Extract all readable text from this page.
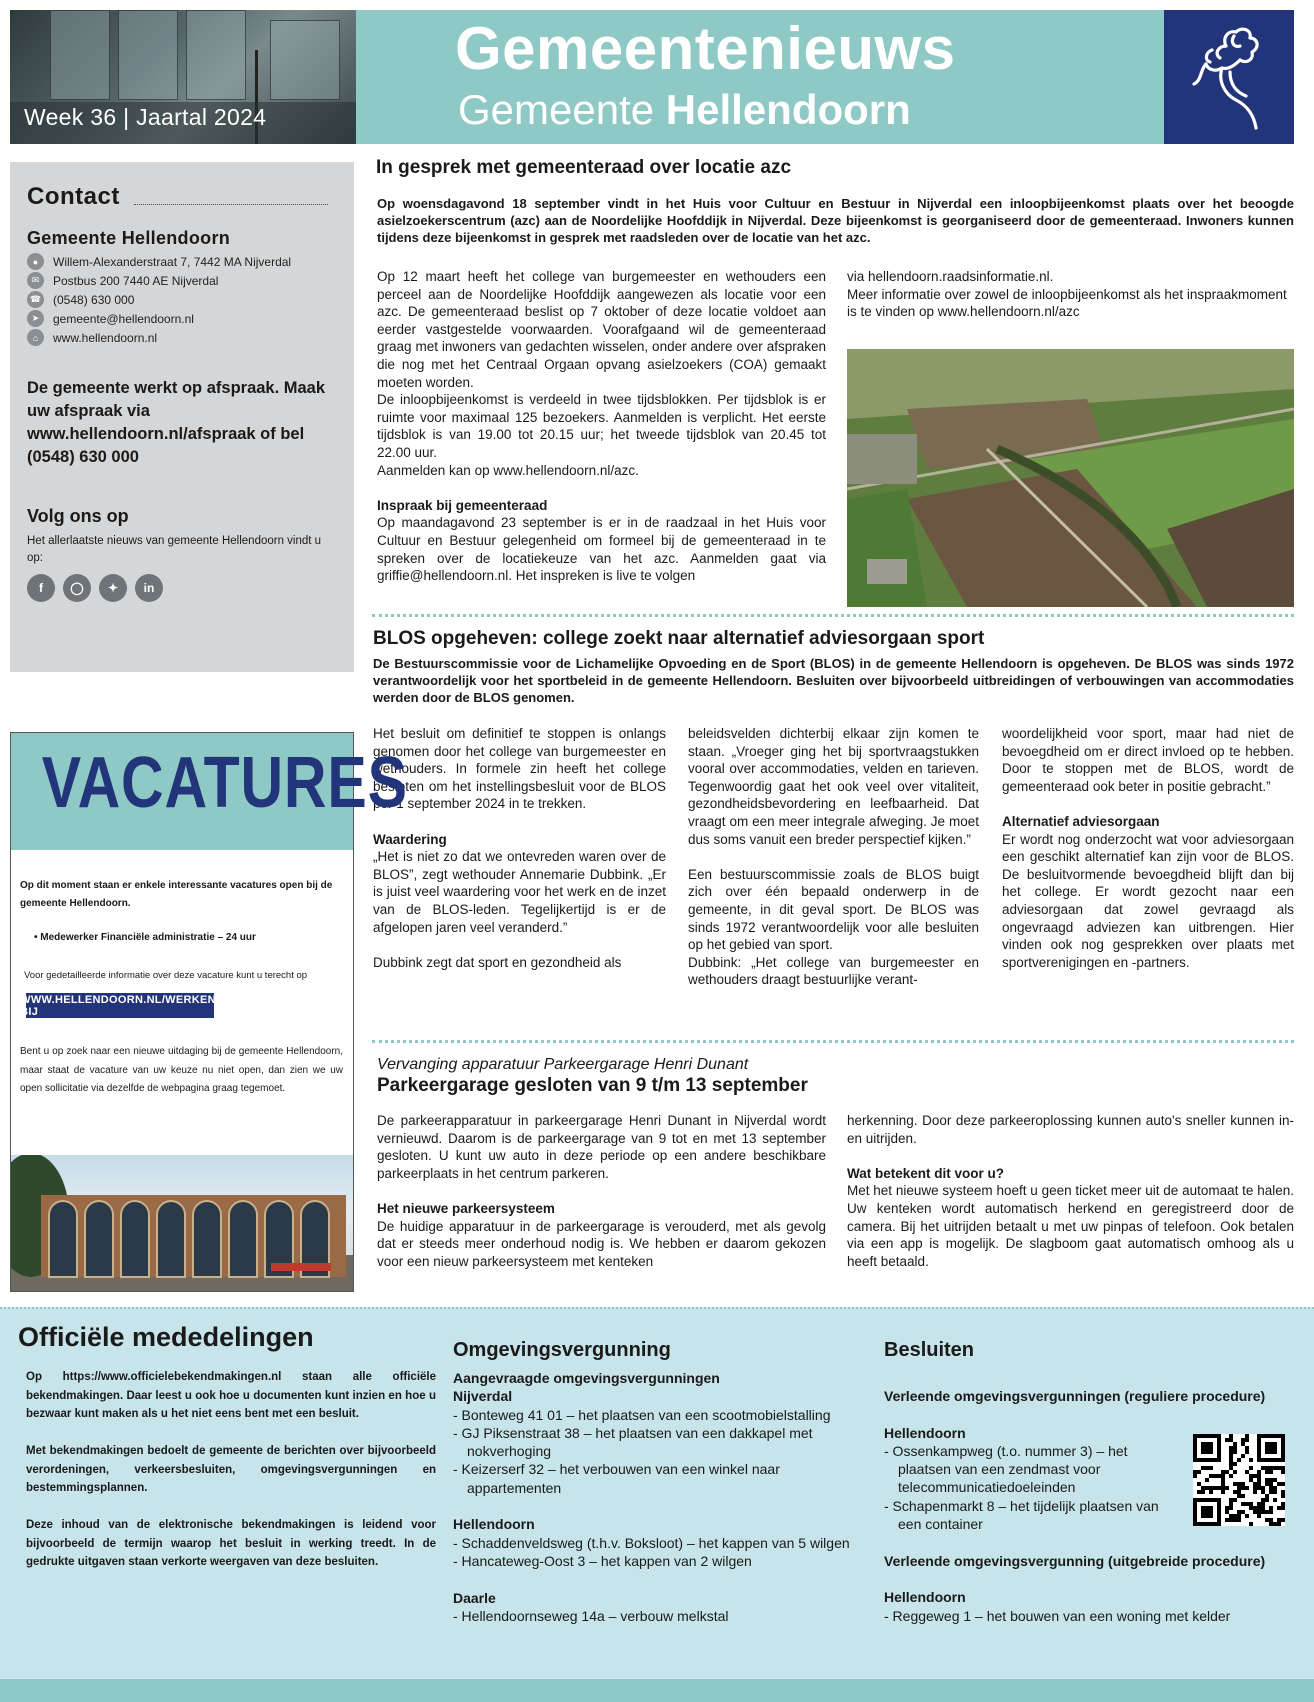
Week 36 | Jaartal 2024
Gemeentenieuws
Gemeente Hellendoorn
Contact
Gemeente Hellendoorn
●	Willem-Alexanderstraat 7, 7442 MA Nijverdal
✉	Postbus 200 7440 AE Nijverdal
☎ (0548) 630 000
➤	gemeente@hellendoorn.nl
⌂	www.hellendoorn.nl
De gemeente werkt op afspraak. Maak uw afspraak via www.hellendoorn.nl/afspraak of bel (0548) 630 000
Volg ons op
Het allerlaatste nieuws van gemeente Hellendoorn vindt u op:
f	◯	✦	in
In gesprek met gemeenteraad over locatie azc
Op woensdagavond 18 september vindt in het Huis voor Cultuur en Bestuur in Nijverdal een inloopbijeenkomst plaats over het beoogde asielzoekerscentrum (azc) aan de Noordelijke Hoofddijk in Nijverdal. Deze bijeenkomst is georganiseerd door de gemeenteraad. Inwoners kunnen tijdens deze bijeenkomst in gesprek met raadsleden over de locatie van het azc.

Op 12 maart heeft het college van burgemeester en wethouders een perceel aan de Noordelijke Hoofddijk aangewezen als locatie voor een azc. De gemeenteraad beslist op 7 oktober of deze locatie voldoet aan eerder vastgestelde voorwaarden. Voorafgaand wil de gemeenteraad graag met inwoners van gedachten wisselen, onder andere over afspraken die nog met het Centraal Orgaan opvang asielzoekers (COA) gemaakt moeten worden.

De inloopbijeenkomst is verdeeld in twee tijdsblokken. Per tijdsblok is er ruimte voor maximaal 125 bezoekers. Aanmelden is verplicht. Het eerste tijdsblok is van 19.00 tot 20.15 uur; het tweede tijdsblok van 20.45 tot 22.00 uur.

Aanmelden kan op www.hellendoorn.nl/azc.

Inspraak bij gemeenteraad

Op maandagavond 23 september is er in de raadzaal in het Huis voor Cultuur en Bestuur gelegenheid om formeel bij de gemeenteraad in te spreken over de locatiekeuze van het azc. Aanmelden gaat via griffie@hellendoorn.nl. Het inspreken is live te volgen

via hellendoorn.raadsinformatie.nl.

Meer informatie over zowel de inloopbijeenkomst als het inspraakmoment is te vinden op www.hellendoorn.nl/azc

BLOS opgeheven: college zoekt naar alternatief adviesorgaan sport
De Bestuurscommissie voor de Lichamelijke Opvoeding en de Sport (BLOS) in de gemeente Hellendoorn is opgeheven. De BLOS was sinds 1972 verantwoordelijk voor het sportbeleid in de gemeente Hellendoorn. Besluiten over bijvoorbeeld uitbreidingen of verbouwingen van accommodaties werden door de BLOS genomen.

Het besluit om definitief te stoppen is onlangs genomen door het college van burgemeester en wethouders. In formele zin heeft het college besloten om het instellingsbesluit voor de BLOS per 1 september 2024 in te trekken.

Waardering

„Het is niet zo dat we ontevreden waren over de BLOS”, zegt wethouder Annemarie Dubbink. „Er is juist veel waardering voor het werk en de inzet van de BLOS-leden. Tegelijkertijd is er de afgelopen jaren veel veranderd.”

Dubbink zegt dat sport en gezondheid als

beleidsvelden dichterbij elkaar zijn komen te staan. „Vroeger ging het bij sportvraagstukken vooral over accommodaties, velden en tarieven. Tegenwoordig gaat het ook veel over vitaliteit, gezondheidsbevordering en leefbaarheid. Dat vraagt om een meer integrale afweging. Je moet dus soms vanuit een breder perspectief kijken.”

Een bestuurscommissie zoals de BLOS buigt zich over één bepaald onderwerp in de gemeente, in dit geval sport. De BLOS was sinds 1972 verantwoordelijk voor alle besluiten op het gebied van sport.

Dubbink: „Het college van burgemeester en wethouders draagt bestuurlijke verant-

woordelijkheid voor sport, maar had niet de bevoegdheid om er direct invloed op te hebben. Door te stoppen met de BLOS, wordt de gemeenteraad ook beter in positie gebracht.”

Alternatief adviesorgaan

Er wordt nog onderzocht wat voor adviesorgaan een geschikt alternatief kan zijn voor de BLOS. De besluitvormende bevoegdheid blijft dan bij het college. Er wordt gezocht naar een adviesorgaan dat zowel gevraagd als ongevraagd adviezen kan uitbrengen. Hier vinden ook nog gesprekken over plaats met sportverenigingen en -partners.

Vervanging apparatuur Parkeergarage Henri Dunant
Parkeergarage gesloten van 9 t/m 13 september

De parkeerapparatuur in parkeergarage Henri Dunant in Nijverdal wordt vernieuwd. Daarom is de parkeergarage van 9 tot en met 13 september gesloten. U kunt uw auto in deze periode op een andere beschikbare parkeerplaats in het centrum parkeren.

Het nieuwe parkeersysteem

De huidige apparatuur in de parkeergarage is verouderd, met als gevolg dat er steeds meer onderhoud nodig is. We hebben er daarom gekozen voor een nieuw parkeersysteem met kenteken

herkenning. Door deze parkeeroplossing kunnen auto's sneller kunnen in- en uitrijden.

Wat betekent dit voor u?

Met het nieuwe systeem hoeft u geen ticket meer uit de automaat te halen. Uw kenteken wordt automatisch herkend en geregistreerd door de camera. Bij het uitrijden betaalt u met uw pinpas of telefoon. Ook betalen via een app is mogelijk. De slagboom gaat automatisch omhoog als u heeft betaald.

VACATURES
Op dit moment staan er enkele interessante vacatures open bij de gemeente Hellendoorn.
• Medewerker Financiële administratie – 24 uur
Voor gedetailleerde informatie over deze vacature kunt u terecht op
WWW.HELLENDOORN.NL/WERKEN-BIJ
Bent u op zoek naar een nieuwe uitdaging bij de gemeente Hellendoorn, maar staat de vacature van uw keuze nu niet open, dan zien we uw open sollicitatie via dezelfde de webpagina graag tegemoet.
Officiële mededelingen

Op https://www.officielebekendmakingen.nl staan alle officiële bekendmakingen. Daar leest u ook hoe u documenten kunt inzien en hoe u bezwaar kunt maken als u het niet eens bent met een besluit.

Met bekendmakingen bedoelt de gemeente de berichten over bijvoorbeeld verordeningen, verkeersbesluiten, omgevingsvergunningen en bestemmingsplannen.

Deze inhoud van de elektronische bekendmakingen is leidend voor bijvoorbeeld de termijn waarop het besluit in werking treedt. In de gedrukte uitgaven staan verkorte weergaven van deze besluiten.

Omgevingsvergunning
Aangevraagde omgevingsvergunningen
Nijverdal
- Bonteweg 41 01 – het plaatsen van een scootmobielstalling
- GJ Piksenstraat 38 – het plaatsen van een dakkapel met nokverhoging
- Keizerserf 32 – het verbouwen van een winkel naar appartementen
Hellendoorn
- Schaddenveldsweg (t.h.v. Boksloot) – het kappen van 5 wilgen
- Hancateweg-Oost 3 – het kappen van 2 wilgen
Daarle
- Hellendoornseweg 14a – verbouw melkstal
Besluiten
Verleende omgevingsvergunningen (reguliere procedure)
Hellendoorn
- Ossenkampweg (t.o. nummer 3) – het plaatsen van een zendmast voor telecommunicatiedoeleinden
- Schapenmarkt 8 – het tijdelijk plaatsen van een container
Verleende omgevingsvergunning (uitgebreide procedure)
Hellendoorn
- Reggeweg 1 – het bouwen van een woning met kelder
